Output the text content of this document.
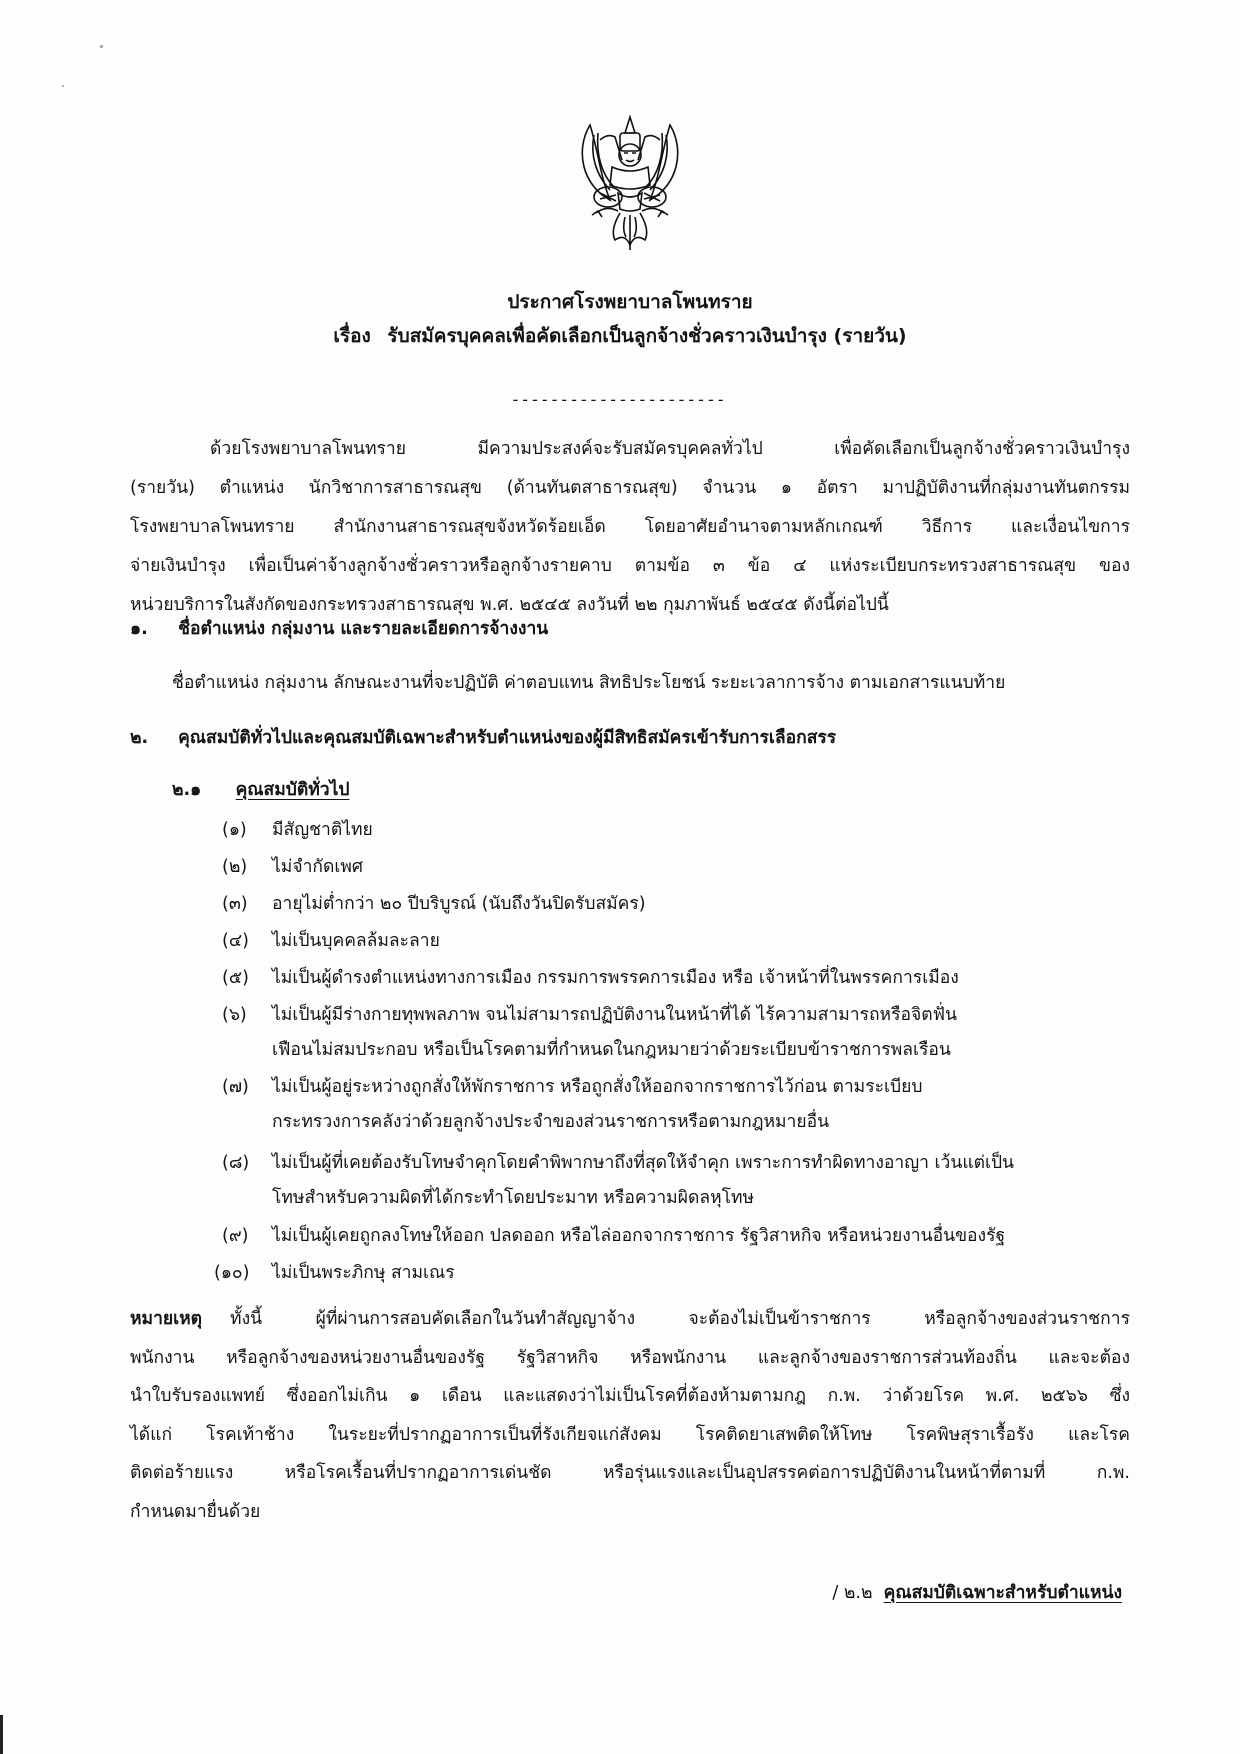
ประกาศโรงพยาบาลโพนทราย
เรื่อง รับสมัครบุคคลเพื่อคัดเลือกเป็นลูกจ้างชั่วคราวเงินบำรุง (รายวัน)
----------------------
ด้วยโรงพยาบาลโพนทราย มีความประสงค์จะรับสมัครบุคคลทั่วไป เพื่อคัดเลือกเป็นลูกจ้างชั่วคราวเงินบำรุง
(รายวัน) ตำแหน่ง นักวิชาการสาธารณสุข (ด้านทันตสาธารณสุข) จำนวน ๑ อัตรา มาปฏิบัติงานที่กลุ่มงานทันตกรรม
โรงพยาบาลโพนทราย สำนักงานสาธารณสุขจังหวัดร้อยเอ็ด โดยอาศัยอำนาจตามหลักเกณฑ์ วิธีการ และเงื่อนไขการ
จ่ายเงินบำรุง เพื่อเป็นค่าจ้างลูกจ้างชั่วคราวหรือลูกจ้างรายคาบ ตามข้อ ๓ ข้อ ๔ แห่งระเบียบกระทรวงสาธารณสุข ของ
หน่วยบริการในสังกัดของกระทรวงสาธารณสุข พ.ศ. ๒๕๔๕ ลงวันที่ ๒๒ กุมภาพันธ์ ๒๕๔๕ ดังนี้ต่อไปนี้
๑. ชื่อตำแหน่ง กลุ่มงาน และรายละเอียดการจ้างงาน
ชื่อตำแหน่ง กลุ่มงาน ลักษณะงานที่จะปฏิบัติ ค่าตอบแทน สิทธิประโยชน์ ระยะเวลาการจ้าง ตามเอกสารแนบท้าย
๒. คุณสมบัติทั่วไปและคุณสมบัติเฉพาะสำหรับตำแหน่งของผู้มีสิทธิสมัครเข้ารับการเลือกสรร
๒.๑ คุณสมบัติทั่วไป
(๑) มีสัญชาติไทย
(๒) ไม่จำกัดเพศ
(๓) อายุไม่ต่ำกว่า ๒๐ ปีบริบูรณ์ (นับถึงวันปิดรับสมัคร)
(๔) ไม่เป็นบุคคลล้มละลาย
(๕) ไม่เป็นผู้ดำรงตำแหน่งทางการเมือง กรรมการพรรคการเมือง หรือ เจ้าหน้าที่ในพรรคการเมือง
(๖) ไม่เป็นผู้มีร่างกายทุพพลภาพ จนไม่สามารถปฏิบัติงานในหน้าที่ได้ ไร้ความสามารถหรือจิตฟั่น
เฟือนไม่สมประกอบ หรือเป็นโรคตามที่กำหนดในกฎหมายว่าด้วยระเบียบข้าราชการพลเรือน
(๗) ไม่เป็นผู้อยู่ระหว่างถูกสั่งให้พักราชการ หรือถูกสั่งให้ออกจากราชการไว้ก่อน ตามระเบียบ
กระทรวงการคลังว่าด้วยลูกจ้างประจำของส่วนราชการหรือตามกฎหมายอื่น
(๘) ไม่เป็นผู้ที่เคยต้องรับโทษจำคุกโดยคำพิพากษาถึงที่สุดให้จำคุก เพราะการทำผิดทางอาญา เว้นแต่เป็น
โทษสำหรับความผิดที่ได้กระทำโดยประมาท หรือความผิดลหุโทษ
(๙) ไม่เป็นผู้เคยถูกลงโทษให้ออก ปลดออก หรือไล่ออกจากราชการ รัฐวิสาหกิจ หรือหน่วยงานอื่นของรัฐ
(๑๐) ไม่เป็นพระภิกษุ สามเณร
หมายเหตุ ทั้งนี้ ผู้ที่ผ่านการสอบคัดเลือกในวันทำสัญญาจ้าง จะต้องไม่เป็นข้าราชการ หรือลูกจ้างของส่วนราชการ
พนักงาน หรือลูกจ้างของหน่วยงานอื่นของรัฐ รัฐวิสาหกิจ หรือพนักงาน และลูกจ้างของราชการส่วนท้องถิ่น และจะต้อง
นำใบรับรองแพทย์ ซึ่งออกไม่เกิน ๑ เดือน และแสดงว่าไม่เป็นโรคที่ต้องห้ามตามกฎ ก.พ. ว่าด้วยโรค พ.ศ. ๒๕๖๖ ซึ่ง
ได้แก่ โรคเท้าช้าง ในระยะที่ปรากฏอาการเป็นที่รังเกียจแก่สังคม โรคติดยาเสพติดให้โทษ โรคพิษสุราเรื้อรัง และโรค
ติดต่อร้ายแรง หรือโรคเรื้อนที่ปรากฏอาการเด่นชัด หรือรุ่นแรงและเป็นอุปสรรคต่อการปฏิบัติงานในหน้าที่ตามที่ ก.พ.
กำหนดมายื่นด้วย
/ ๒.๒ คุณสมบัติเฉพาะสำหรับตำแหน่ง
